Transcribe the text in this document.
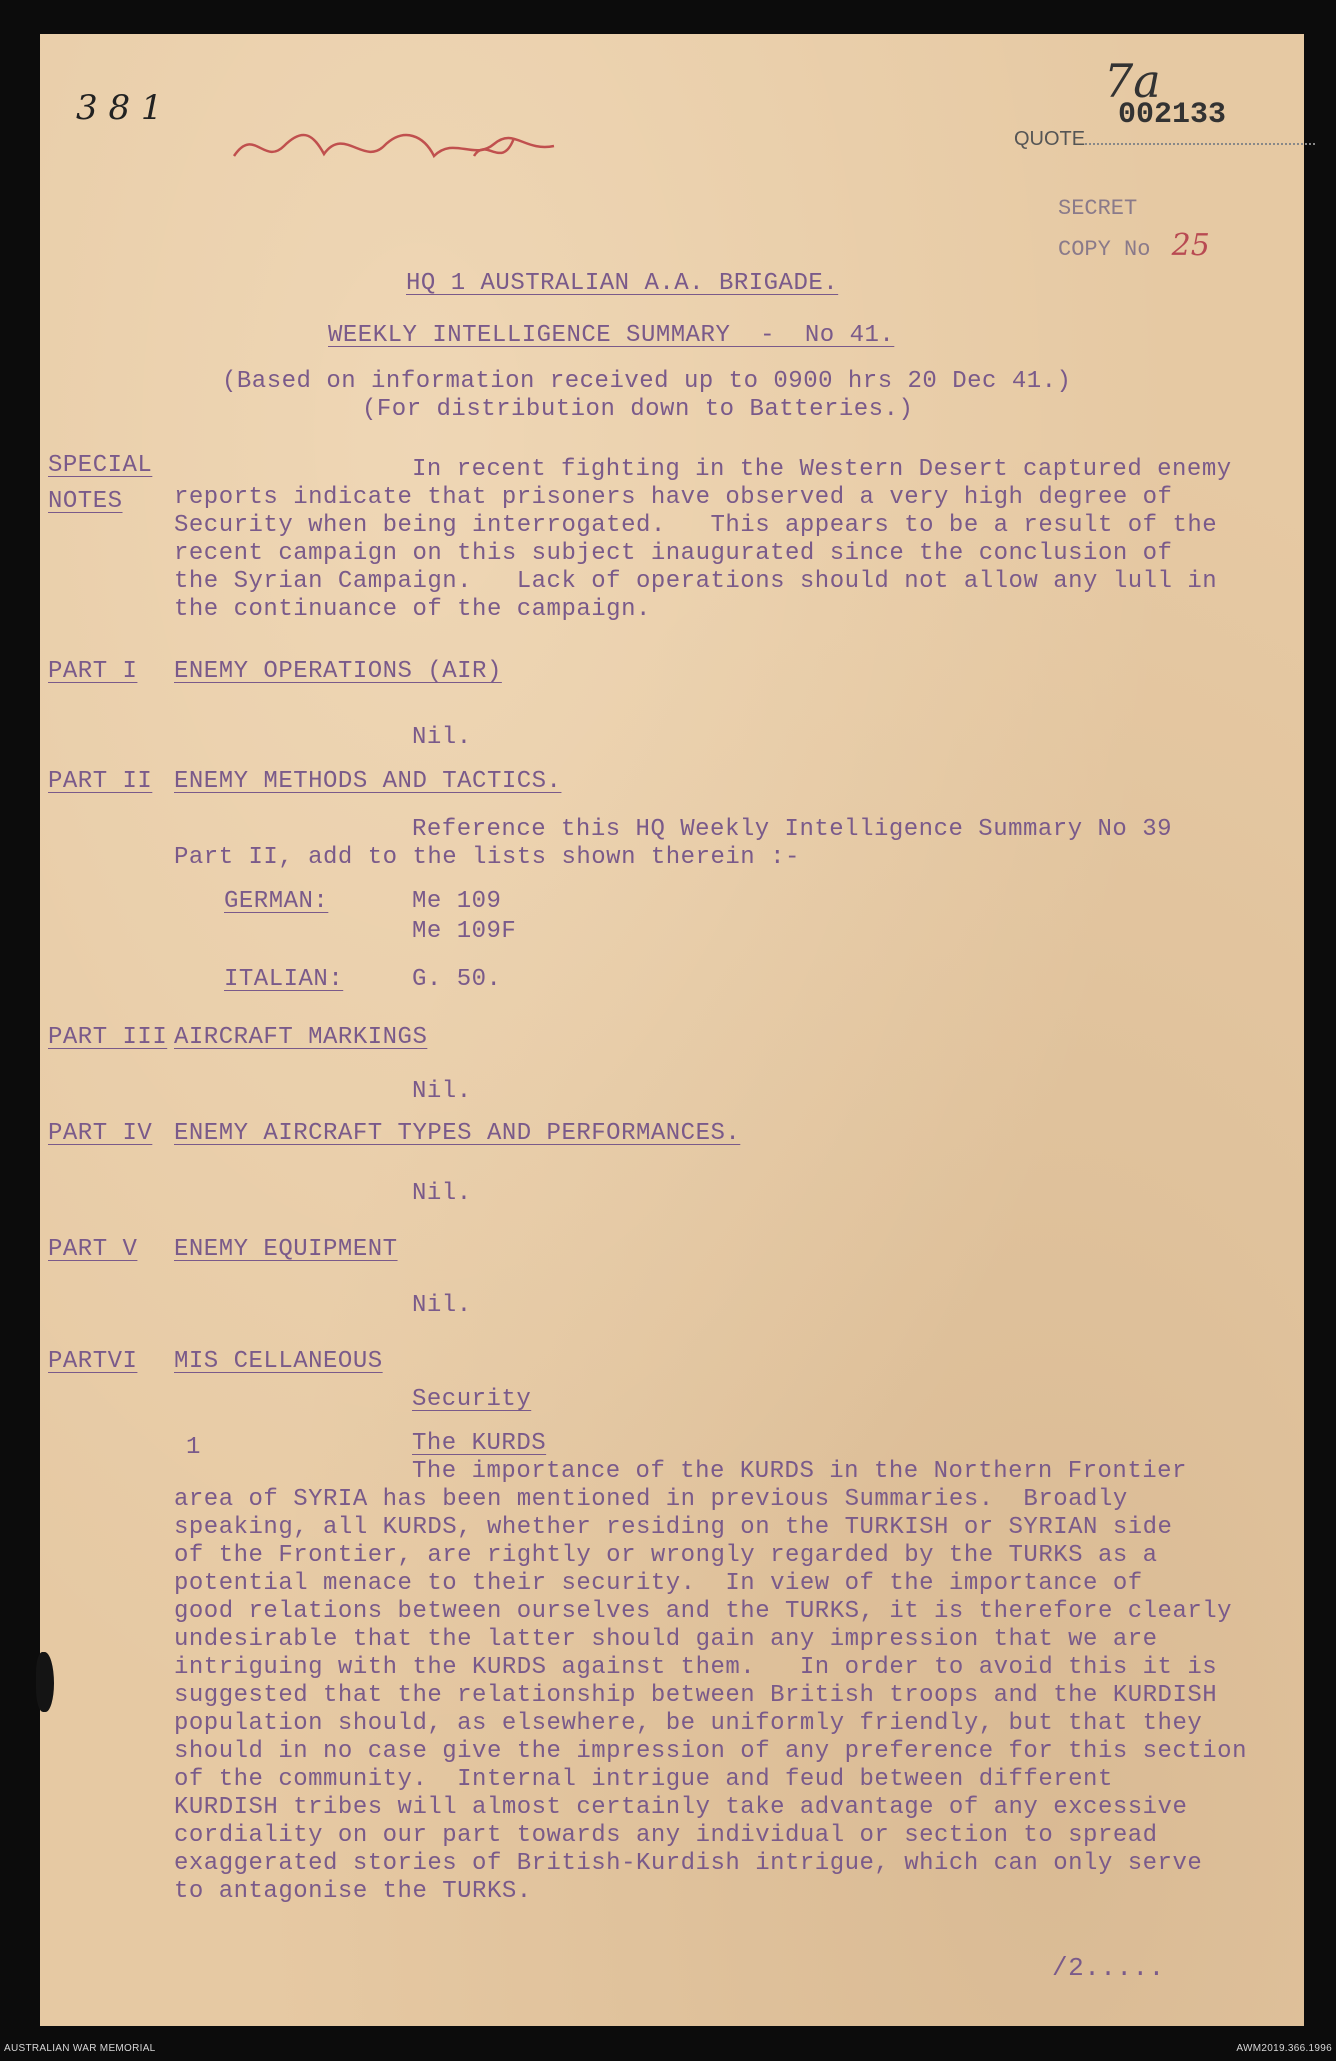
3 8 1	7a
002133
QUOTE
SECRET
COPY No 25
HQ 1 AUSTRALIAN A.A. BRIGADE.
WEEKLY INTELLIGENCE SUMMARY  -  No 41.
(Based on information received up to 0900 hrs 20 Dec 41.)
(For distribution down to Batteries.)
SPECIAL
NOTES
In recent fighting in the Western Desert captured enemy
reports indicate that prisoners have observed a very high degree of
Security when being interrogated.   This appears to be a result of the
recent campaign on this subject inaugurated since the conclusion of
the Syrian Campaign.   Lack of operations should not allow any lull in
the continuance of the campaign.
PART I ENEMY OPERATIONS (AIR)
Nil.
PART II ENEMY METHODS AND TACTICS.
Reference this HQ Weekly Intelligence Summary No 39
Part II, add to the lists shown therein :-
GERMAN:	Me 109
Me 109F
ITALIAN:	G. 50.
PART III AIRCRAFT MARKINGS
Nil.
PART IV ENEMY AIRCRAFT TYPES AND PERFORMANCES.
Nil.
PART V ENEMY EQUIPMENT
Nil.
PARTVI MIS CELLANEOUS
Security
1	The KURDS
The importance of the KURDS in the Northern Frontier
area of SYRIA has been mentioned in previous Summaries.  Broadly
speaking, all KURDS, whether residing on the TURKISH or SYRIAN side
of the Frontier, are rightly or wrongly regarded by the TURKS as a
potential menace to their security.  In view of the importance of
good relations between ourselves and the TURKS, it is therefore clearly
undesirable that the latter should gain any impression that we are
intriguing with the KURDS against them.   In order to avoid this it is
suggested that the relationship between British troops and the KURDISH
population should, as elsewhere, be uniformly friendly, but that they
should in no case give the impression of any preference for this section
of the community.  Internal intrigue and feud between different
KURDISH tribes will almost certainly take advantage of any excessive
cordiality on our part towards any individual or section to spread
exaggerated stories of British-Kurdish intrigue, which can only serve
to antagonise the TURKS.
/2.....
AUSTRALIAN WAR MEMORIAL	AWM2019.366.1996
